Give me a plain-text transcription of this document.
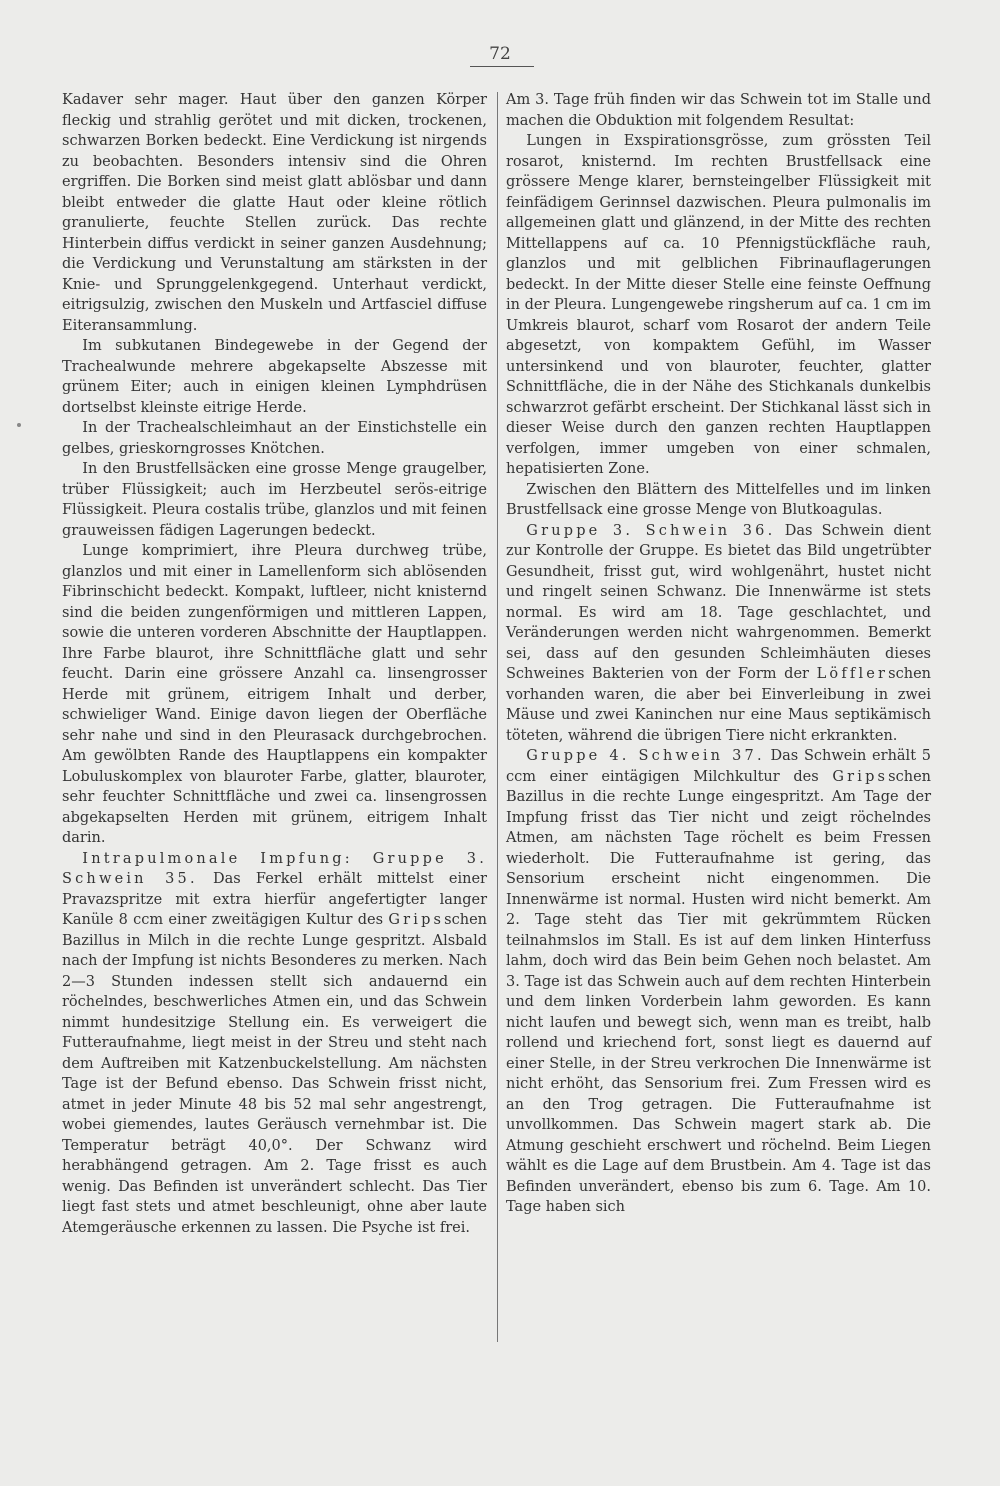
72

Kadaver sehr mager. Haut über den ganzen Körper fleckig und strahlig gerötet und mit dicken, trockenen, schwarzen Borken bedeckt. Eine Verdickung ist nirgends zu beobachten. Besonders intensiv sind die Ohren ergriffen. Die Borken sind meist glatt ablösbar und dann bleibt entweder die glatte Haut oder kleine rötlich granulierte, feuchte Stellen zurück. Das rechte Hinterbein diffus verdickt in seiner ganzen Ausdehnung; die Verdickung und Verunstaltung am stärksten in der Knie- und Sprunggelenkgegend. Unterhaut verdickt, eitrigsulzig, zwischen den Muskeln und Artfasciel diffuse Eiteransammlung.

Im subkutanen Bindegewebe in der Gegend der Trachealwunde mehrere abgekapselte Abszesse mit grünem Eiter; auch in einigen kleinen Lymphdrüsen dortselbst kleinste eitrige Herde.

In der Trachealschleimhaut an der Einstichstelle ein gelbes, grieskorngrosses Knötchen.

In den Brustfellsäcken eine grosse Menge graugelber, trüber Flüssigkeit; auch im Herzbeutel serös-eitrige Flüssigkeit. Pleura costalis trübe, glanzlos und mit feinen grauweissen fädigen Lagerungen bedeckt.

Lunge komprimiert, ihre Pleura durchweg trübe, glanzlos und mit einer in Lamellenform sich ablösenden Fibrinschicht bedeckt. Kompakt, luftleer, nicht knisternd sind die beiden zungenförmigen und mittleren Lappen, sowie die unteren vorderen Abschnitte der Hauptlappen. Ihre Farbe blaurot, ihre Schnittfläche glatt und sehr feucht. Darin eine grössere Anzahl ca. linsengrosser Herde mit grünem, eitrigem Inhalt und derber, schwieliger Wand. Einige davon liegen der Oberfläche sehr nahe und sind in den Pleurasack durchgebrochen. Am gewölbten Rande des Hauptlappens ein kompakter Lobuluskomplex von blauroter Farbe, glatter, blauroter, sehr feuchter Schnittfläche und zwei ca. linsengrossen abgekapselten Herden mit grünem, eitrigem Inhalt darin.

Intrapulmonale Impfung: Gruppe 3. Schwein 35. Das Ferkel erhält mittelst einer Pravazspritze mit extra hierfür angefertigter langer Kanüle 8 ccm einer zweitägigen Kultur des Gripsschen Bazillus in Milch in die rechte Lunge gespritzt. Alsbald nach der Impfung ist nichts Besonderes zu merken. Nach 2—3 Stunden indessen stellt sich andauernd ein röchelndes, beschwerliches Atmen ein, und das Schwein nimmt hundesitzige Stellung ein. Es verweigert die Futteraufnahme, liegt meist in der Streu und steht nach dem Auftreiben mit Katzenbuckelstellung. Am nächsten Tage ist der Befund ebenso. Das Schwein frisst nicht, atmet in jeder Minute 48 bis 52 mal sehr angestrengt, wobei giemendes, lautes Geräusch vernehmbar ist. Die Temperatur beträgt 40,0°. Der Schwanz wird herabhängend getragen. Am 2. Tage frisst es auch wenig. Das Befinden ist unverändert schlecht. Das Tier liegt fast stets und atmet beschleunigt, ohne aber laute Atemgeräusche erkennen zu lassen. Die Psyche ist frei.

Am 3. Tage früh finden wir das Schwein tot im Stalle und machen die Obduktion mit folgendem Resultat:

Lungen in Exspirationsgrösse, zum grössten Teil rosarot, knisternd. Im rechten Brustfellsack eine grössere Menge klarer, bernsteingelber Flüssigkeit mit feinfädigem Gerinnsel dazwischen. Pleura pulmonalis im allgemeinen glatt und glänzend, in der Mitte des rechten Mittellappens auf ca. 10 Pfennigstückfläche rauh, glanzlos und mit gelblichen Fibrinauflagerungen bedeckt. In der Mitte dieser Stelle eine feinste Oeffnung in der Pleura. Lungengewebe ringsherum auf ca. 1 cm im Umkreis blaurot, scharf vom Rosarot der andern Teile abgesetzt, von kompaktem Gefühl, im Wasser untersinkend und von blauroter, feuchter, glatter Schnittfläche, die in der Nähe des Stichkanals dunkelbis schwarzrot gefärbt erscheint. Der Stichkanal lässt sich in dieser Weise durch den ganzen rechten Hauptlappen verfolgen, immer umgeben von einer schmalen, hepatisierten Zone.

Zwischen den Blättern des Mittelfelles und im linken Brustfellsack eine grosse Menge von Blutkoagulas.

Gruppe 3. Schwein 36. Das Schwein dient zur Kontrolle der Gruppe. Es bietet das Bild ungetrübter Gesundheit, frisst gut, wird wohlgenährt, hustet nicht und ringelt seinen Schwanz. Die Innenwärme ist stets normal. Es wird am 18. Tage geschlachtet, und Veränderungen werden nicht wahrgenommen. Bemerkt sei, dass auf den gesunden Schleimhäuten dieses Schweines Bakterien von der Form der Löfflerschen vorhanden waren, die aber bei Einverleibung in zwei Mäuse und zwei Kaninchen nur eine Maus septikämisch töteten, während die übrigen Tiere nicht erkrankten.

Gruppe 4. Schwein 37. Das Schwein erhält 5 ccm einer eintägigen Milchkultur des Gripsschen Bazillus in die rechte Lunge eingespritzt. Am Tage der Impfung frisst das Tier nicht und zeigt röchelndes Atmen, am nächsten Tage röchelt es beim Fressen wiederholt. Die Futteraufnahme ist gering, das Sensorium erscheint nicht eingenommen. Die Innenwärme ist normal. Husten wird nicht bemerkt. Am 2. Tage steht das Tier mit gekrümmtem Rücken teilnahmslos im Stall. Es ist auf dem linken Hinterfuss lahm, doch wird das Bein beim Gehen noch belastet. Am 3. Tage ist das Schwein auch auf dem rechten Hinterbein und dem linken Vorderbein lahm geworden. Es kann nicht laufen und bewegt sich, wenn man es treibt, halb rollend und kriechend fort, sonst liegt es dauernd auf einer Stelle, in der Streu verkrochen Die Innenwärme ist nicht erhöht, das Sensorium frei. Zum Fressen wird es an den Trog getragen. Die Futteraufnahme ist unvollkommen. Das Schwein magert stark ab. Die Atmung geschieht erschwert und röchelnd. Beim Liegen wählt es die Lage auf dem Brustbein. Am 4. Tage ist das Befinden unverändert, ebenso bis zum 6. Tage. Am 10. Tage haben sich
